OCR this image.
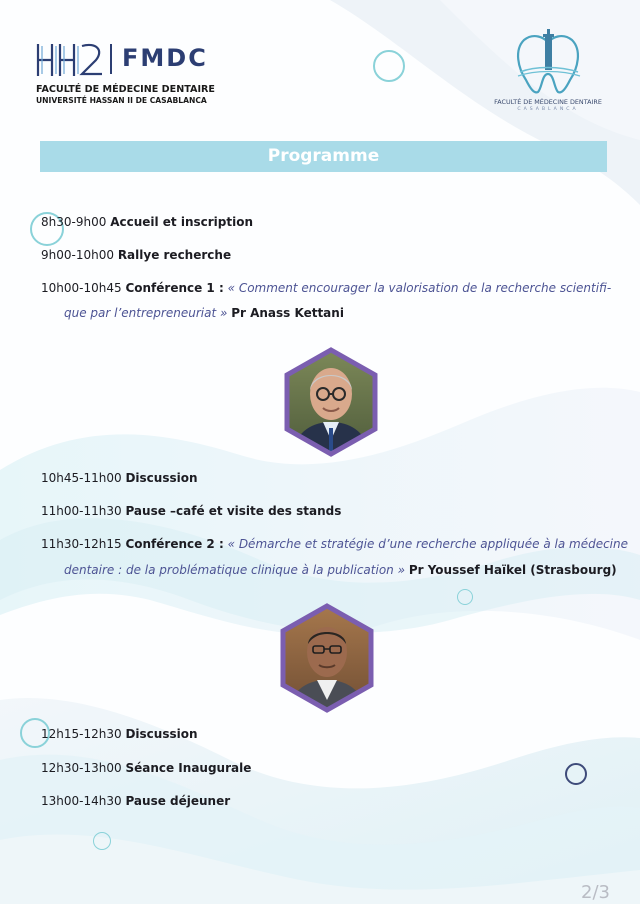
FMDC
FACULTÉ DE MÉDECINE DENTAIRE
UNIVERSITÉ HASSAN II DE CASABLANCA	FACULTÉ DE MÉDECINE DENTAIRE
CASABLANCA
Programme
8h30-9h00 Accueil et inscription
9h00-10h00 Rallye recherche
10h00-10h45 Conférence 1 : « Comment encourager la valorisation de la recherche scientifi-
que par l’entrepreneuriat » Pr Anass Kettani
10h45-11h00 Discussion
11h00-11h30 Pause –café et visite des stands
11h30-12h15 Conférence 2 : « Démarche et stratégie d’une recherche appliquée à la médecine
dentaire : de la problématique clinique à la publication » Pr Youssef Haïkel (Strasbourg)
12h15-12h30 Discussion
12h30-13h00 Séance Inaugurale
13h00-14h30 Pause déjeuner
2/3
